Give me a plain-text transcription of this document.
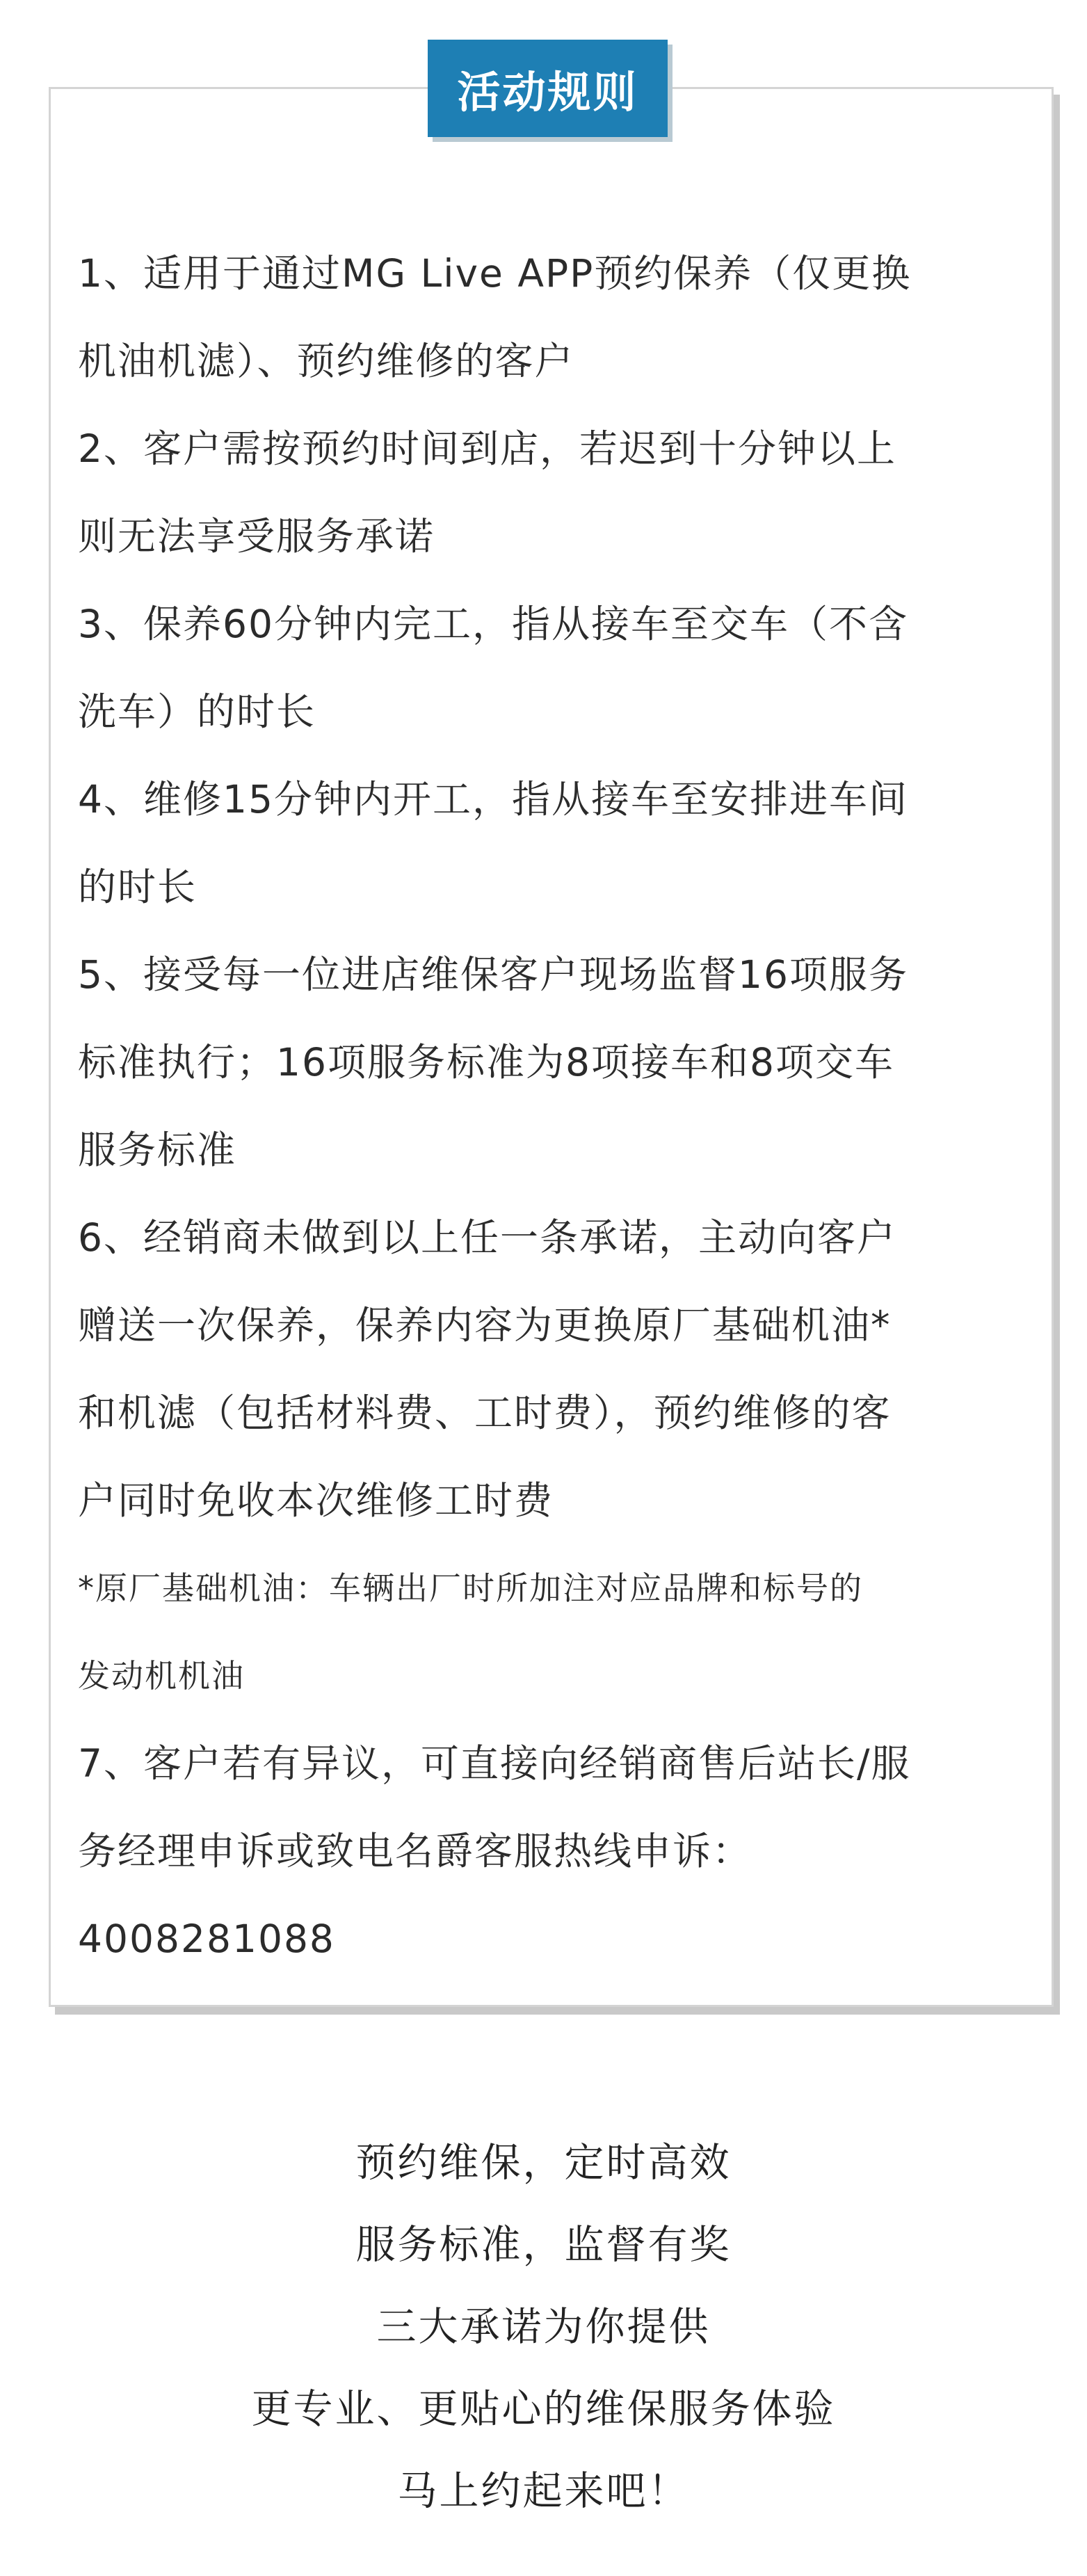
活动规则
1、适用于通过MG Live APP预约保养（仅更换
机油机滤）、预约维修的客户
2、客户需按预约时间到店，若迟到十分钟以上
则无法享受服务承诺
3、保养60分钟内完工，指从接车至交车（不含
洗车）的时长
4、维修15分钟内开工，指从接车至安排进车间
的时长
5、接受每一位进店维保客户现场监督16项服务
标准执行；16项服务标准为8项接车和8项交车
服务标准
6、经销商未做到以上任一条承诺，主动向客户
赠送一次保养，保养内容为更换原厂基础机油*
和机滤（包括材料费、工时费），预约维修的客
户同时免收本次维修工时费
*原厂基础机油：车辆出厂时所加注对应品牌和标号的
发动机机油
7、客户若有异议，可直接向经销商售后站长/服
务经理申诉或致电名爵客服热线申诉：
4008281088
预约维保，定时高效
服务标准，监督有奖
三大承诺为你提供
更专业、更贴心的维保服务体验
马上约起来吧！
